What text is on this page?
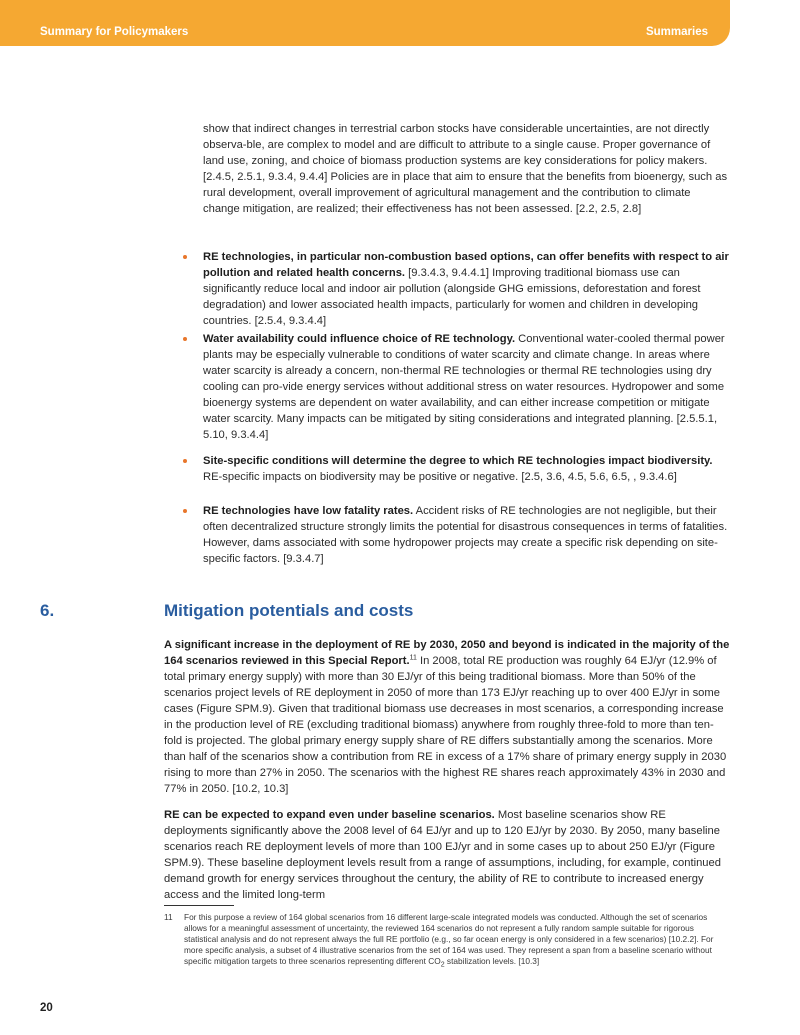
Summary for Policymakers	Summaries

show that indirect changes in terrestrial carbon stocks have considerable uncertainties, are not directly observa-ble, are complex to model and are difficult to attribute to a single cause. Proper governance of land use, zoning, and choice of biomass production systems are key considerations for policy makers. [2.4.5, 2.5.1, 9.3.4, 9.4.4] Policies are in place that aim to ensure that the benefits from bioenergy, such as rural development, overall improvement of agricultural management and the contribution to climate change mitigation, are realized; their effectiveness has not been assessed. [2.2, 2.5, 2.8]

RE technologies, in particular non-combustion based options, can offer benefits with respect to air pollution and related health concerns. [9.3.4.3, 9.4.4.1] Improving traditional biomass use can significantly reduce local and indoor air pollution (alongside GHG emissions, deforestation and forest degradation) and lower associated health impacts, particularly for women and children in developing countries. [2.5.4, 9.3.4.4]
Water availability could influence choice of RE technology. Conventional water-cooled thermal power plants may be especially vulnerable to conditions of water scarcity and climate change. In areas where water scarcity is already a concern, non-thermal RE technologies or thermal RE technologies using dry cooling can pro-vide energy services without additional stress on water resources. Hydropower and some bioenergy systems are dependent on water availability, and can either increase competition or mitigate water scarcity. Many impacts can be mitigated by siting considerations and integrated planning. [2.5.5.1, 5.10, 9.3.4.4]
Site-specific conditions will determine the degree to which RE technologies impact biodiversity. RE-specific impacts on biodiversity may be positive or negative. [2.5, 3.6, 4.5, 5.6, 6.5, , 9.3.4.6]
RE technologies have low fatality rates. Accident risks of RE technologies are not negligible, but their often decentralized structure strongly limits the potential for disastrous consequences in terms of fatalities. However, dams associated with some hydropower projects may create a specific risk depending on site-specific factors. [9.3.4.7]
6.	Mitigation potentials and costs
A significant increase in the deployment of RE by 2030, 2050 and beyond is indicated in the majority of the 164 scenarios reviewed in this Special Report.$^{11}$ In 2008, total RE production was roughly 64 EJ/yr (12.9% of total primary energy supply) with more than 30 EJ/yr of this being traditional biomass. More than 50% of the scenarios project levels of RE deployment in 2050 of more than 173 EJ/yr reaching up to over 400 EJ/yr in some cases (Figure SPM.9). Given that traditional biomass use decreases in most scenarios, a corresponding increase in the production level of RE (excluding traditional biomass) anywhere from roughly three-fold to more than ten-fold is projected. The global primary energy supply share of RE differs substantially among the scenarios. More than half of the scenarios show a contribution from RE in excess of a 17% share of primary energy supply in 2030 rising to more than 27% in 2050. The scenarios with the highest RE shares reach approximately 43% in 2030 and 77% in 2050. [10.2, 10.3]
RE can be expected to expand even under baseline scenarios. Most baseline scenarios show RE deployments significantly above the 2008 level of 64 EJ/yr and up to 120 EJ/yr by 2030. By 2050, many baseline scenarios reach RE deployment levels of more than 100 EJ/yr and in some cases up to about 250 EJ/yr (Figure SPM.9). These baseline deployment levels result from a range of assumptions, including, for example, continued demand growth for energy services throughout the century, the ability of RE to contribute to increased energy access and the limited long-term
11 For this purpose a review of 164 global scenarios from 16 different large-scale integrated models was conducted. Although the set of scenarios allows for a meaningful assessment of uncertainty, the reviewed 164 scenarios do not represent a fully random sample suitable for rigorous statistical analysis and do not represent always the full RE portfolio (e.g., so far ocean energy is only considered in a few scenarios) [10.2.2]. For more specific analysis, a subset of 4 illustrative scenarios from the set of 164 was used. They represent a span from a baseline scenario without specific mitigation targets to three scenarios representing different $CO_2$ stabilization levels. [10.3]
20
